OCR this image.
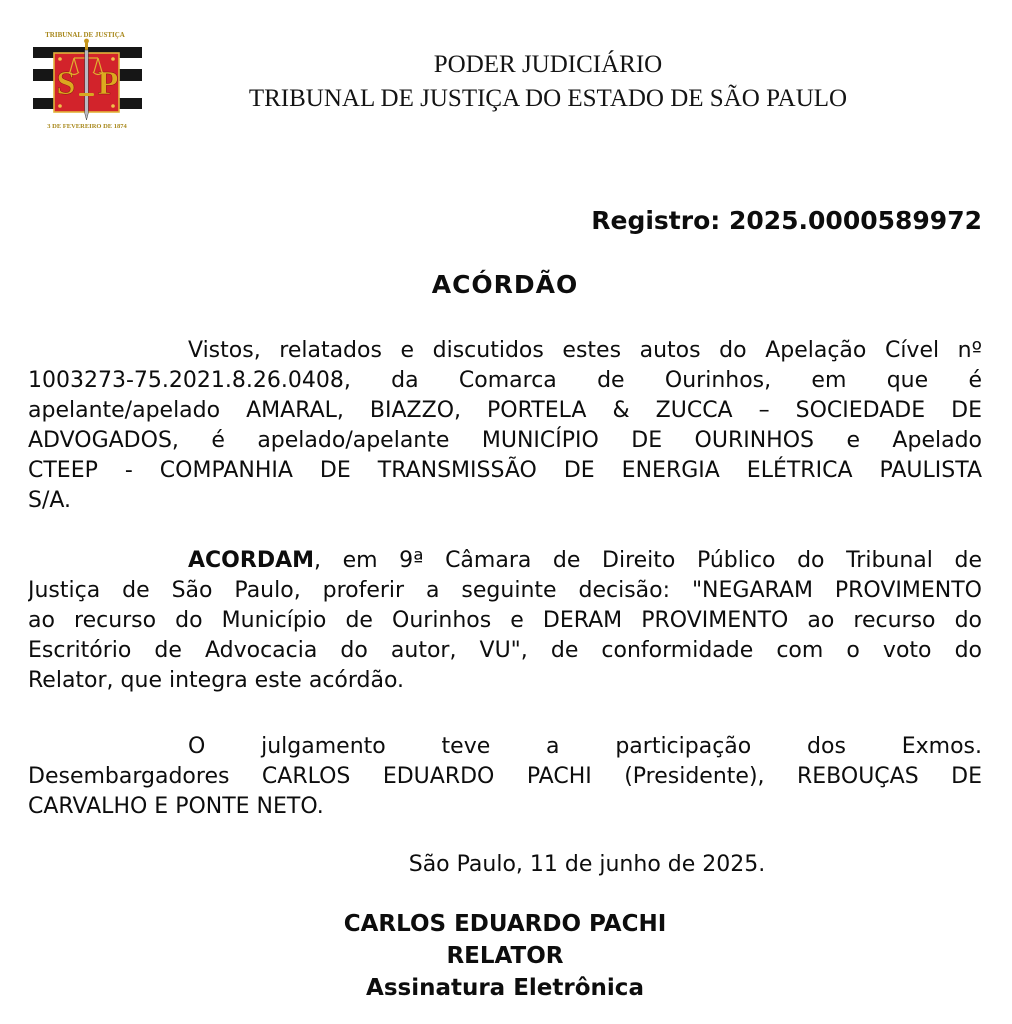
TRIBUNAL DE JUSTIÇA
S P
3 DE FEVEREIRO DE 1874
PODER JUDICIÁRIO
TRIBUNAL DE JUSTIÇA DO ESTADO DE SÃO PAULO
Registro: 2025.0000589972
ACÓRDÃO
Vistos, relatados e discutidos estes autos do Apelação Cível nº
1003273-75.2021.8.26.0408, da Comarca de Ourinhos, em que é
apelante/apelado AMARAL, BIAZZO, PORTELA & ZUCCA – SOCIEDADE DE
ADVOGADOS, é apelado/apelante MUNICÍPIO DE OURINHOS e Apelado
CTEEP - COMPANHIA DE TRANSMISSÃO DE ENERGIA ELÉTRICA PAULISTA
S/A.
ACORDAM, em 9ª Câmara de Direito Público do Tribunal de
Justiça de São Paulo, proferir a seguinte decisão: "NEGARAM PROVIMENTO
ao recurso do Município de Ourinhos e DERAM PROVIMENTO ao recurso do
Escritório de Advocacia do autor, VU", de conformidade com o voto do
Relator, que integra este acórdão.
O julgamento teve a participação dos Exmos.
Desembargadores CARLOS EDUARDO PACHI (Presidente), REBOUÇAS DE
CARVALHO E PONTE NETO.
São Paulo, 11 de junho de 2025.
CARLOS EDUARDO PACHI
RELATOR
Assinatura Eletrônica
